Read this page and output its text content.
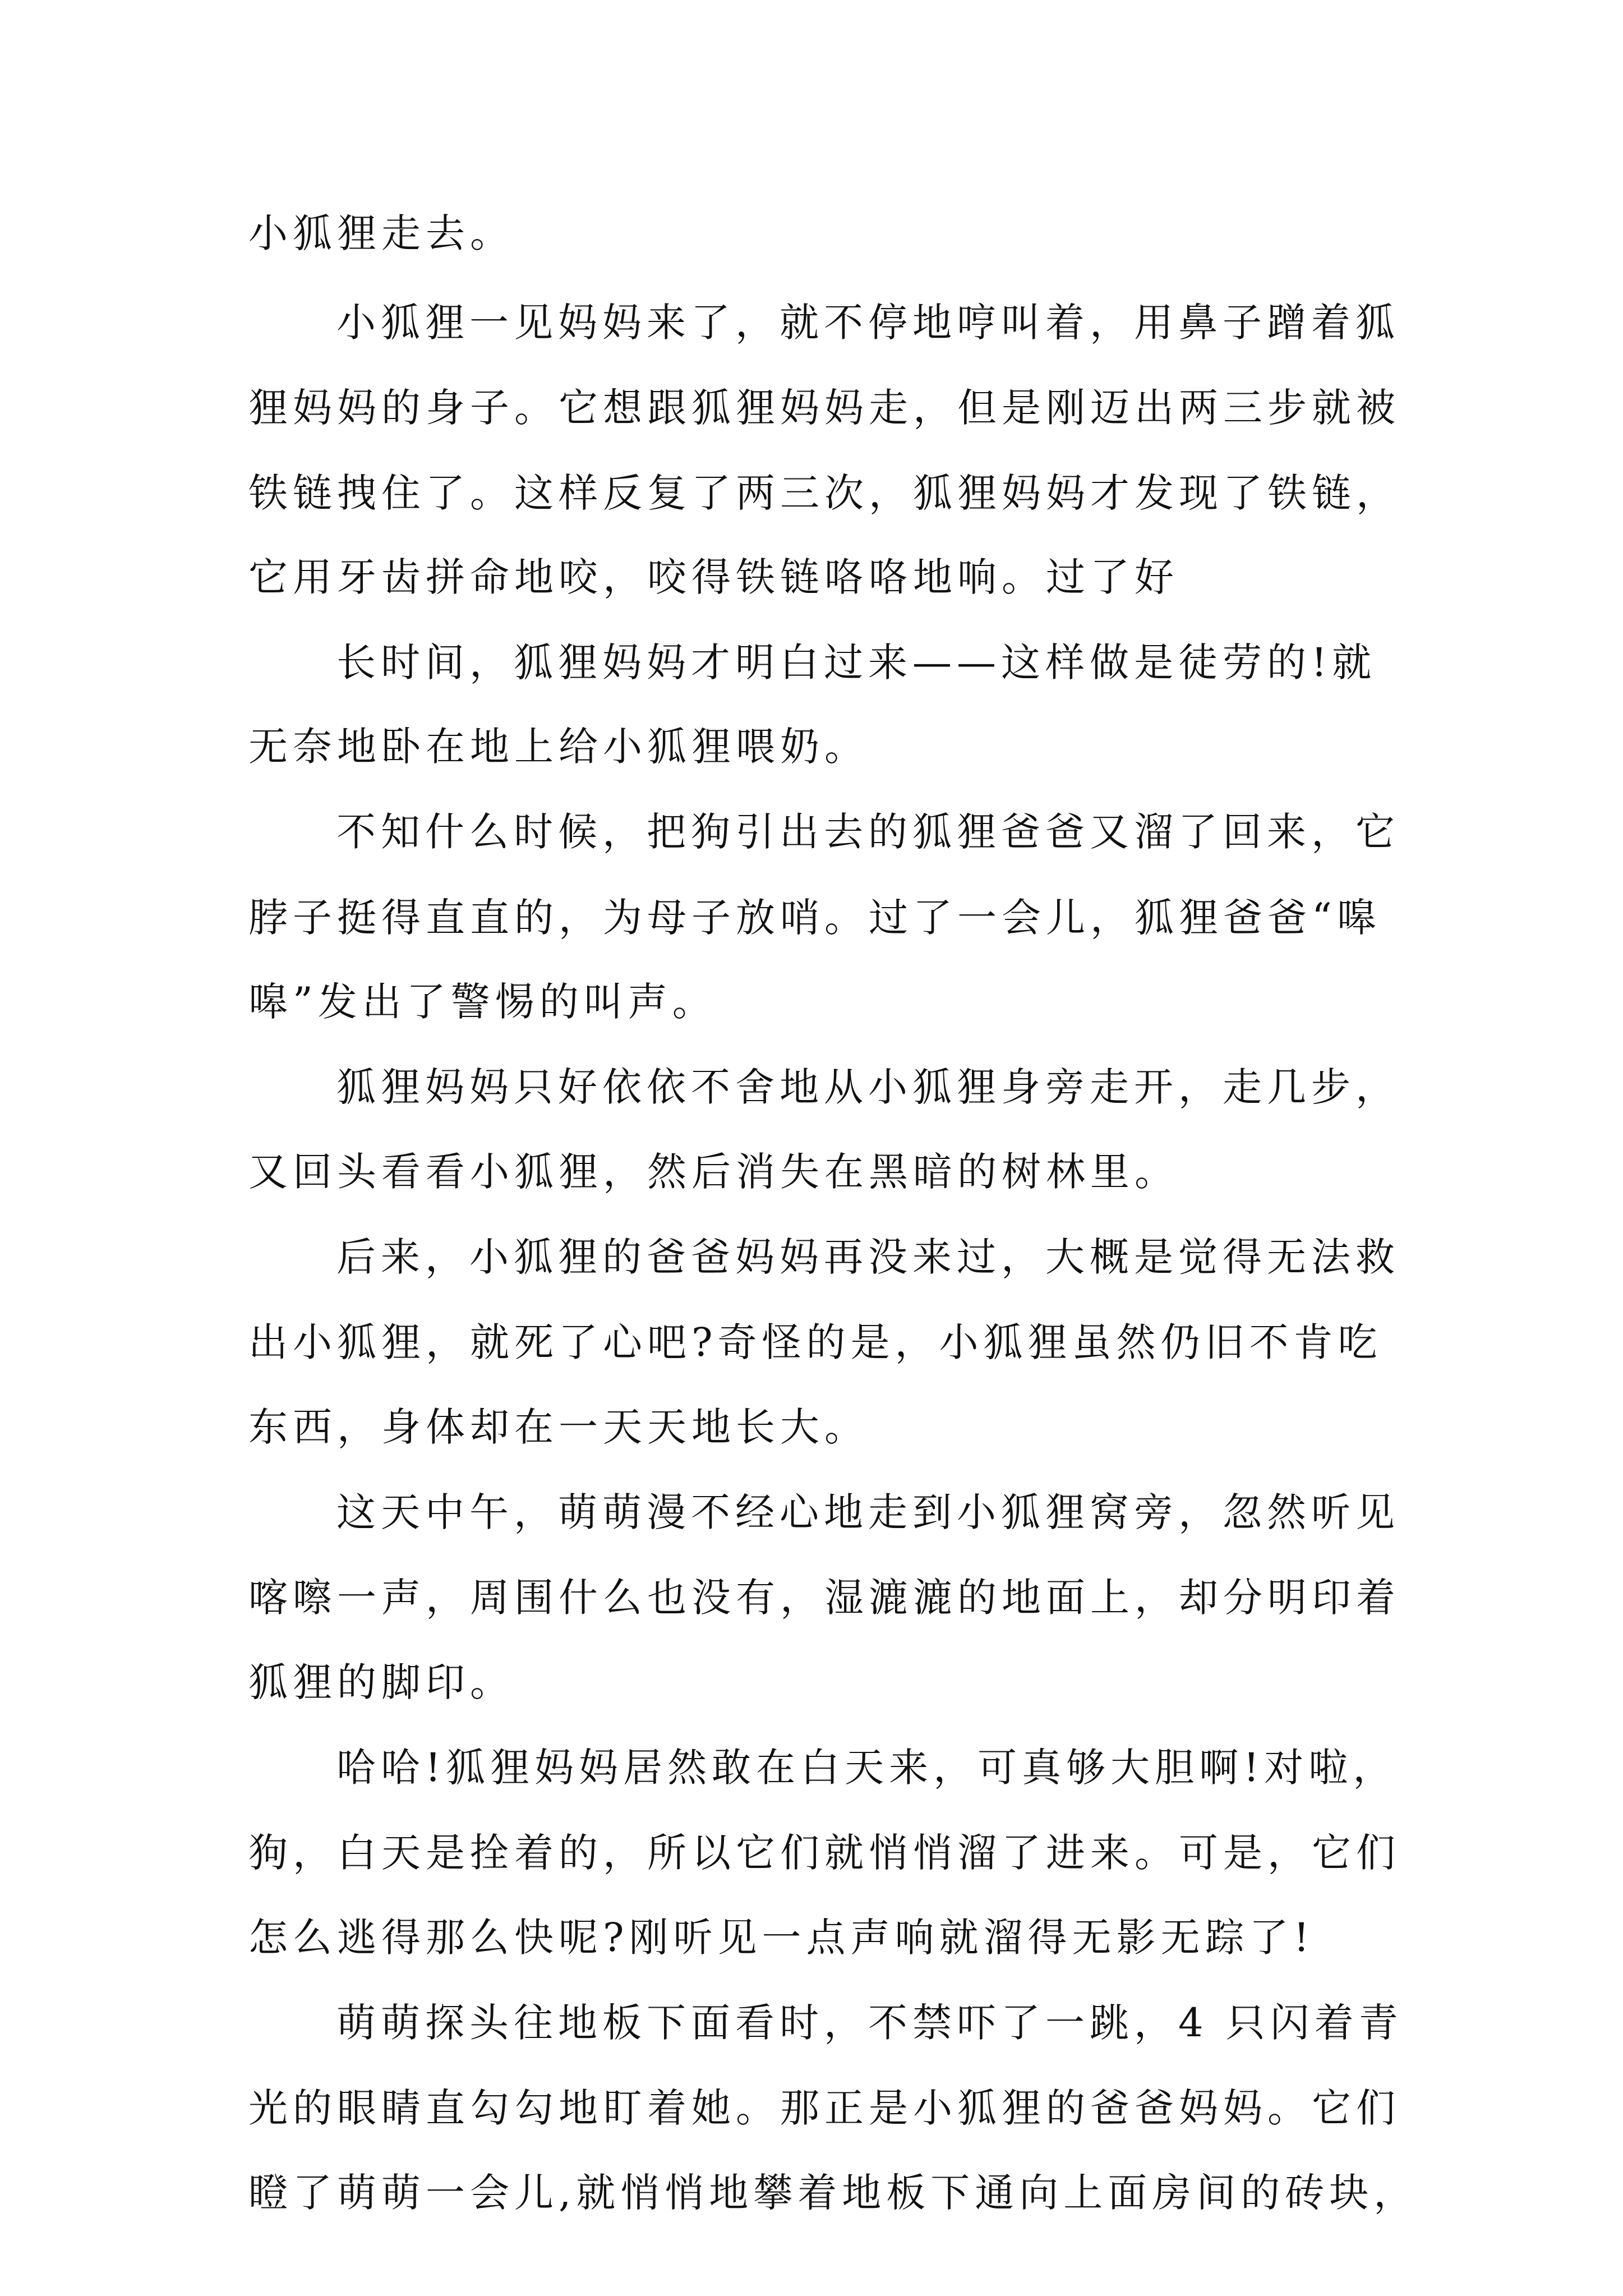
小狐狸走去。

小狐狸一见妈妈来了，就不停地哼叫着，用鼻子蹭着狐

狸妈妈的身子。它想跟狐狸妈妈走，但是刚迈出两三步就被

铁链拽住了。这样反复了两三次，狐狸妈妈才发现了铁链，

它用牙齿拼命地咬，咬得铁链咯咯地响。过了好

长时间，狐狸妈妈才明白过来——这样做是徒劳的!就

无奈地卧在地上给小狐狸喂奶。

不知什么时候，把狗引出去的狐狸爸爸又溜了回来，它

脖子挺得直直的，为母子放哨。过了一会儿，狐狸爸爸“嗥

嗥”发出了警惕的叫声。

狐狸妈妈只好依依不舍地从小狐狸身旁走开，走几步，

又回头看看小狐狸，然后消失在黑暗的树林里。

后来，小狐狸的爸爸妈妈再没来过，大概是觉得无法救

出小狐狸，就死了心吧?奇怪的是，小狐狸虽然仍旧不肯吃

东西，身体却在一天天地长大。

这天中午，萌萌漫不经心地走到小狐狸窝旁，忽然听见

喀嚓一声，周围什么也没有，湿漉漉的地面上，却分明印着

狐狸的脚印。

哈哈!狐狸妈妈居然敢在白天来，可真够大胆啊!对啦，

狗，白天是拴着的，所以它们就悄悄溜了进来。可是，它们

怎么逃得那么快呢?刚听见一点声响就溜得无影无踪了!

萌萌探头往地板下面看时，不禁吓了一跳，4 只闪着青

光的眼睛直勾勾地盯着她。那正是小狐狸的爸爸妈妈。它们

瞪了萌萌一会儿,就悄悄地攀着地板下通向上面房间的砖块，
